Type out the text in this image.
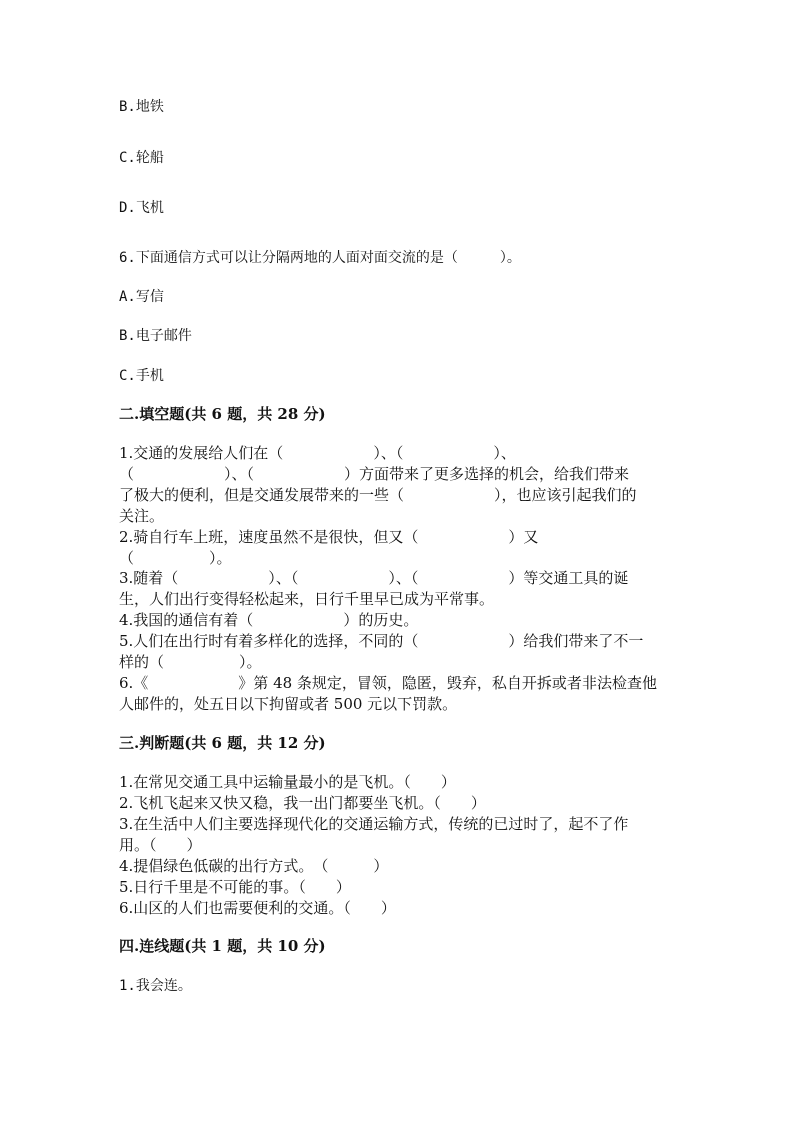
B.地铁
C.轮船
D.飞机
6.下面通信方式可以让分隔两地的人面对面交流的是（　　　）。
A.写信
B.电子邮件
C.手机
二.填空题(共 6 题，共 28 分)
1.交通的发展给人们在（　　　　　　）、（　　　　　　）、
（　　　　　　）、（　　　　　　）方面带来了更多选择的机会，给我们带来
了极大的便利，但是交通发展带来的一些（　　　　　　），也应该引起我们的
关注。
2.骑自行车上班，速度虽然不是很快，但又（　　　　　　）又
（　　　　　）。
3.随着（　　　　　　）、（　　　　　　）、（　　　　　　）等交通工具的诞
生，人们出行变得轻松起来，日行千里早已成为平常事。
4.我国的通信有着（　　　　　　）的历史。
5.人们在出行时有着多样化的选择，不同的（　　　　　　）给我们带来了不一
样的（　　　　　）。
6.《　　　　　　》第 48 条规定，冒领，隐匿，毁弃，私自开拆或者非法检查他
人邮件的，处五日以下拘留或者 500 元以下罚款。
三.判断题(共 6 题，共 12 分)
1.在常见交通工具中运输量最小的是飞机。（　　）
2.飞机飞起来又快又稳，我一出门都要坐飞机。（　　）
3.在生活中人们主要选择现代化的交通运输方式，传统的已过时了，起不了作
用。（　　）
4.提倡绿色低碳的出行方式。　（　　　）
5.日行千里是不可能的事。（　　）
6.山区的人们也需要便利的交通。（　　）
四.连线题(共 1 题，共 10 分)
1.我会连。
